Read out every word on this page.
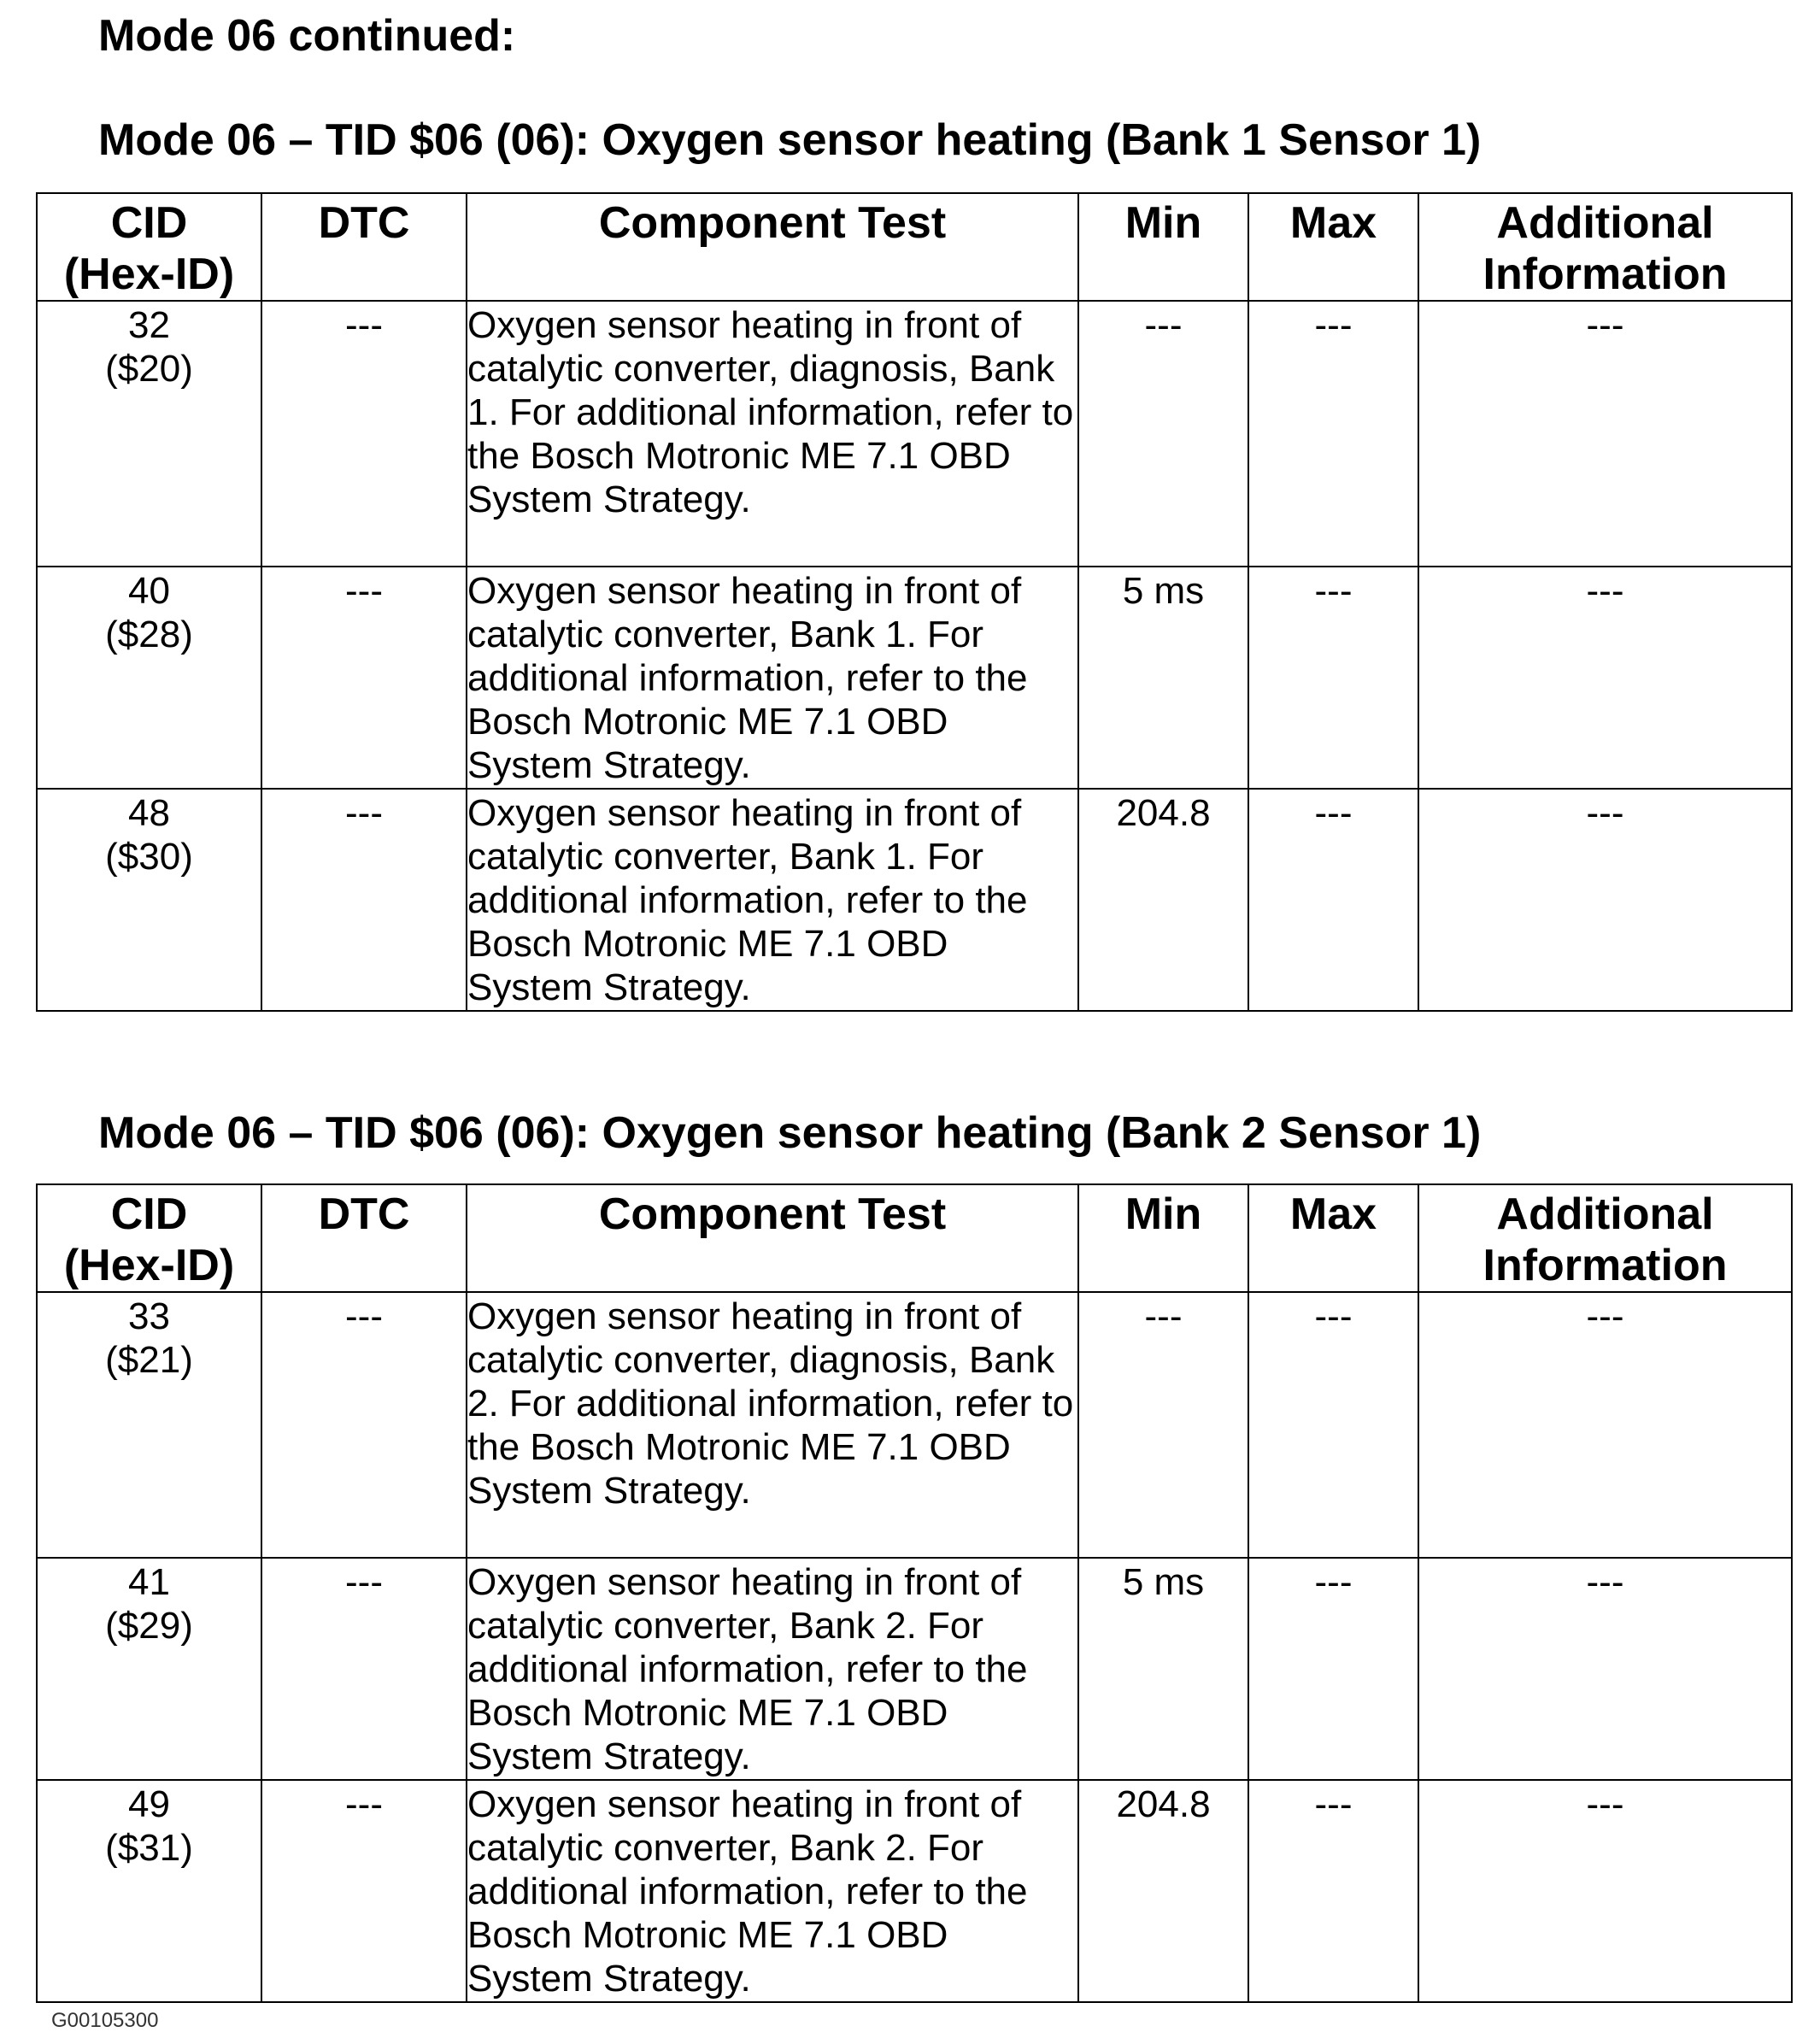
Mode 06 continued:
Mode 06 – TID $06 (06): Oxygen sensor heating (Bank 1 Sensor 1)
CID
(Hex-ID)	DTC	Component Test	Min	Max	Additional
Information

32
($20)	---	Oxygen sensor heating in front of catalytic converter, diagnosis, Bank 1. For additional information, refer to the Bosch Motronic ME 7.1 OBD System Strategy.	---	---	---

40
($28)	---	Oxygen sensor heating in front of catalytic converter, Bank 1. For additional information, refer to the Bosch Motronic ME 7.1 OBD System Strategy.	5 ms	---	---

48
($30)	---	Oxygen sensor heating in front of catalytic converter, Bank 1. For additional information, refer to the Bosch Motronic ME 7.1 OBD System Strategy.	204.8	---	---
Mode 06 – TID $06 (06): Oxygen sensor heating (Bank 2 Sensor 1)
CID
(Hex-ID)	DTC	Component Test	Min	Max	Additional
Information

33
($21)	---	Oxygen sensor heating in front of catalytic converter, diagnosis, Bank 2. For additional information, refer to the Bosch Motronic ME 7.1 OBD System Strategy.	---	---	---

41
($29)	---	Oxygen sensor heating in front of catalytic converter, Bank 2. For additional information, refer to the Bosch Motronic ME 7.1 OBD System Strategy.	5 ms	---	---

49
($31)	---	Oxygen sensor heating in front of catalytic converter, Bank 2. For additional information, refer to the Bosch Motronic ME 7.1 OBD System Strategy.	204.8	---	---
G00105300
